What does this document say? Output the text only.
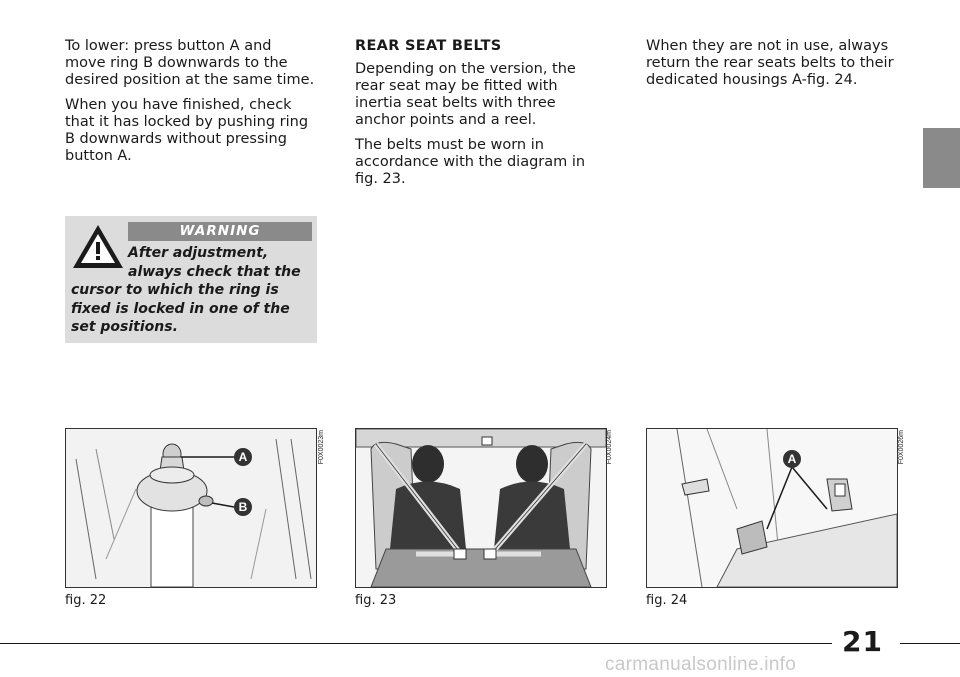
To lower: press button A and move ring B downwards to the desired position at the same time.

When you have finished, check that it has locked by pushing ring B downwards without pressing button A.

REAR SEAT BELTS

Depending on the version, the rear seat may be fitted with inertia seat belts with three anchor points and a reel.

The belts must be worn in accordance with the diagram in fig. 23.

When they are not in use, always return the rear seats belts to their dedicated housings A-fig. 24.

WARNING
After adjustment,
always check that the
cursor to which the ring is fixed is locked in one of the set positions.
A
B
A
F0X0023m	F0X0024m	F0X0026m
fig. 22	fig. 23	fig. 24
21
carmanualsonline.info
